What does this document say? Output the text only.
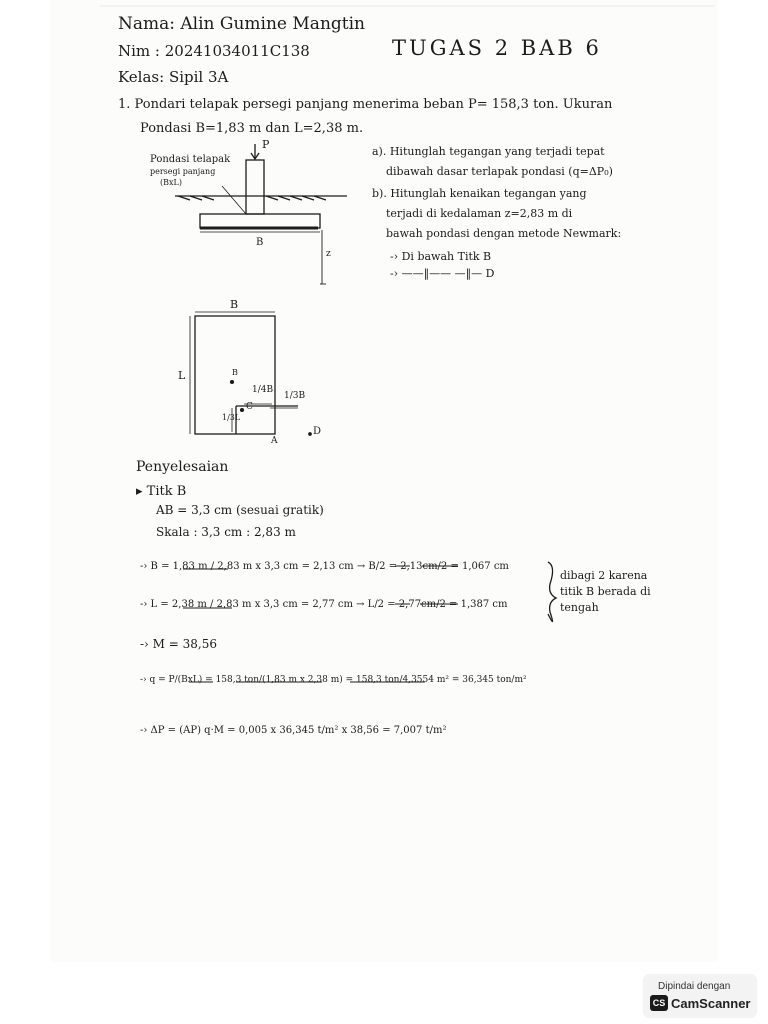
Nama: Alin Gumine Mangtin
Nim : 20241034011C138
Kelas: Sipil 3A
TUGAS 2 BAB 6
1. Pondari telapak persegi panjang menerima beban P= 158,3 ton. Ukuran
Pondasi B=1,83 m dan L=2,38 m.
a). Hitunglah tegangan yang terjadi tepat
dibawah dasar terlapak pondasi (q=ΔP₀)
b). Hitunglah kenaikan tegangan yang
terjadi di kedalaman z=2,83 m di
bawah pondasi dengan metode Newmark:
-› Di bawah Titk B
-› ——‖—— —‖— D
Pondasi telapak
persegi panjang
(BxL)
P
B
z
B
L	B
1/4B
1/3B
C
1/3L
A
D
Penyelesaian
▸ Titk B
AB = 3,3 cm (sesuai gratik)
Skala : 3,3 cm : 2,83 m
-› B = 1,83 m / 2,83 m x 3,3 cm = 2,13 cm → B/2 = 2,13cm/2 = 1,067 cm
-› L = 2,38 m / 2,83 m x 3,3 cm = 2,77 cm → L/2 = 2,77cm/2 = 1,387 cm
dibagi 2 karena
titik B berada di
tengah
-› M = 38,56
-› q = P/(BxL) = 158,3 ton/(1,83 m x 2,38 m) = 158,3 ton/4,3554 m² = 36,345 ton/m²
-› ΔP = (AP) q·M = 0,005 x 36,345 t/m² x 38,56 = 7,007 t/m²
Dipindai dengan
CS CamScanner
